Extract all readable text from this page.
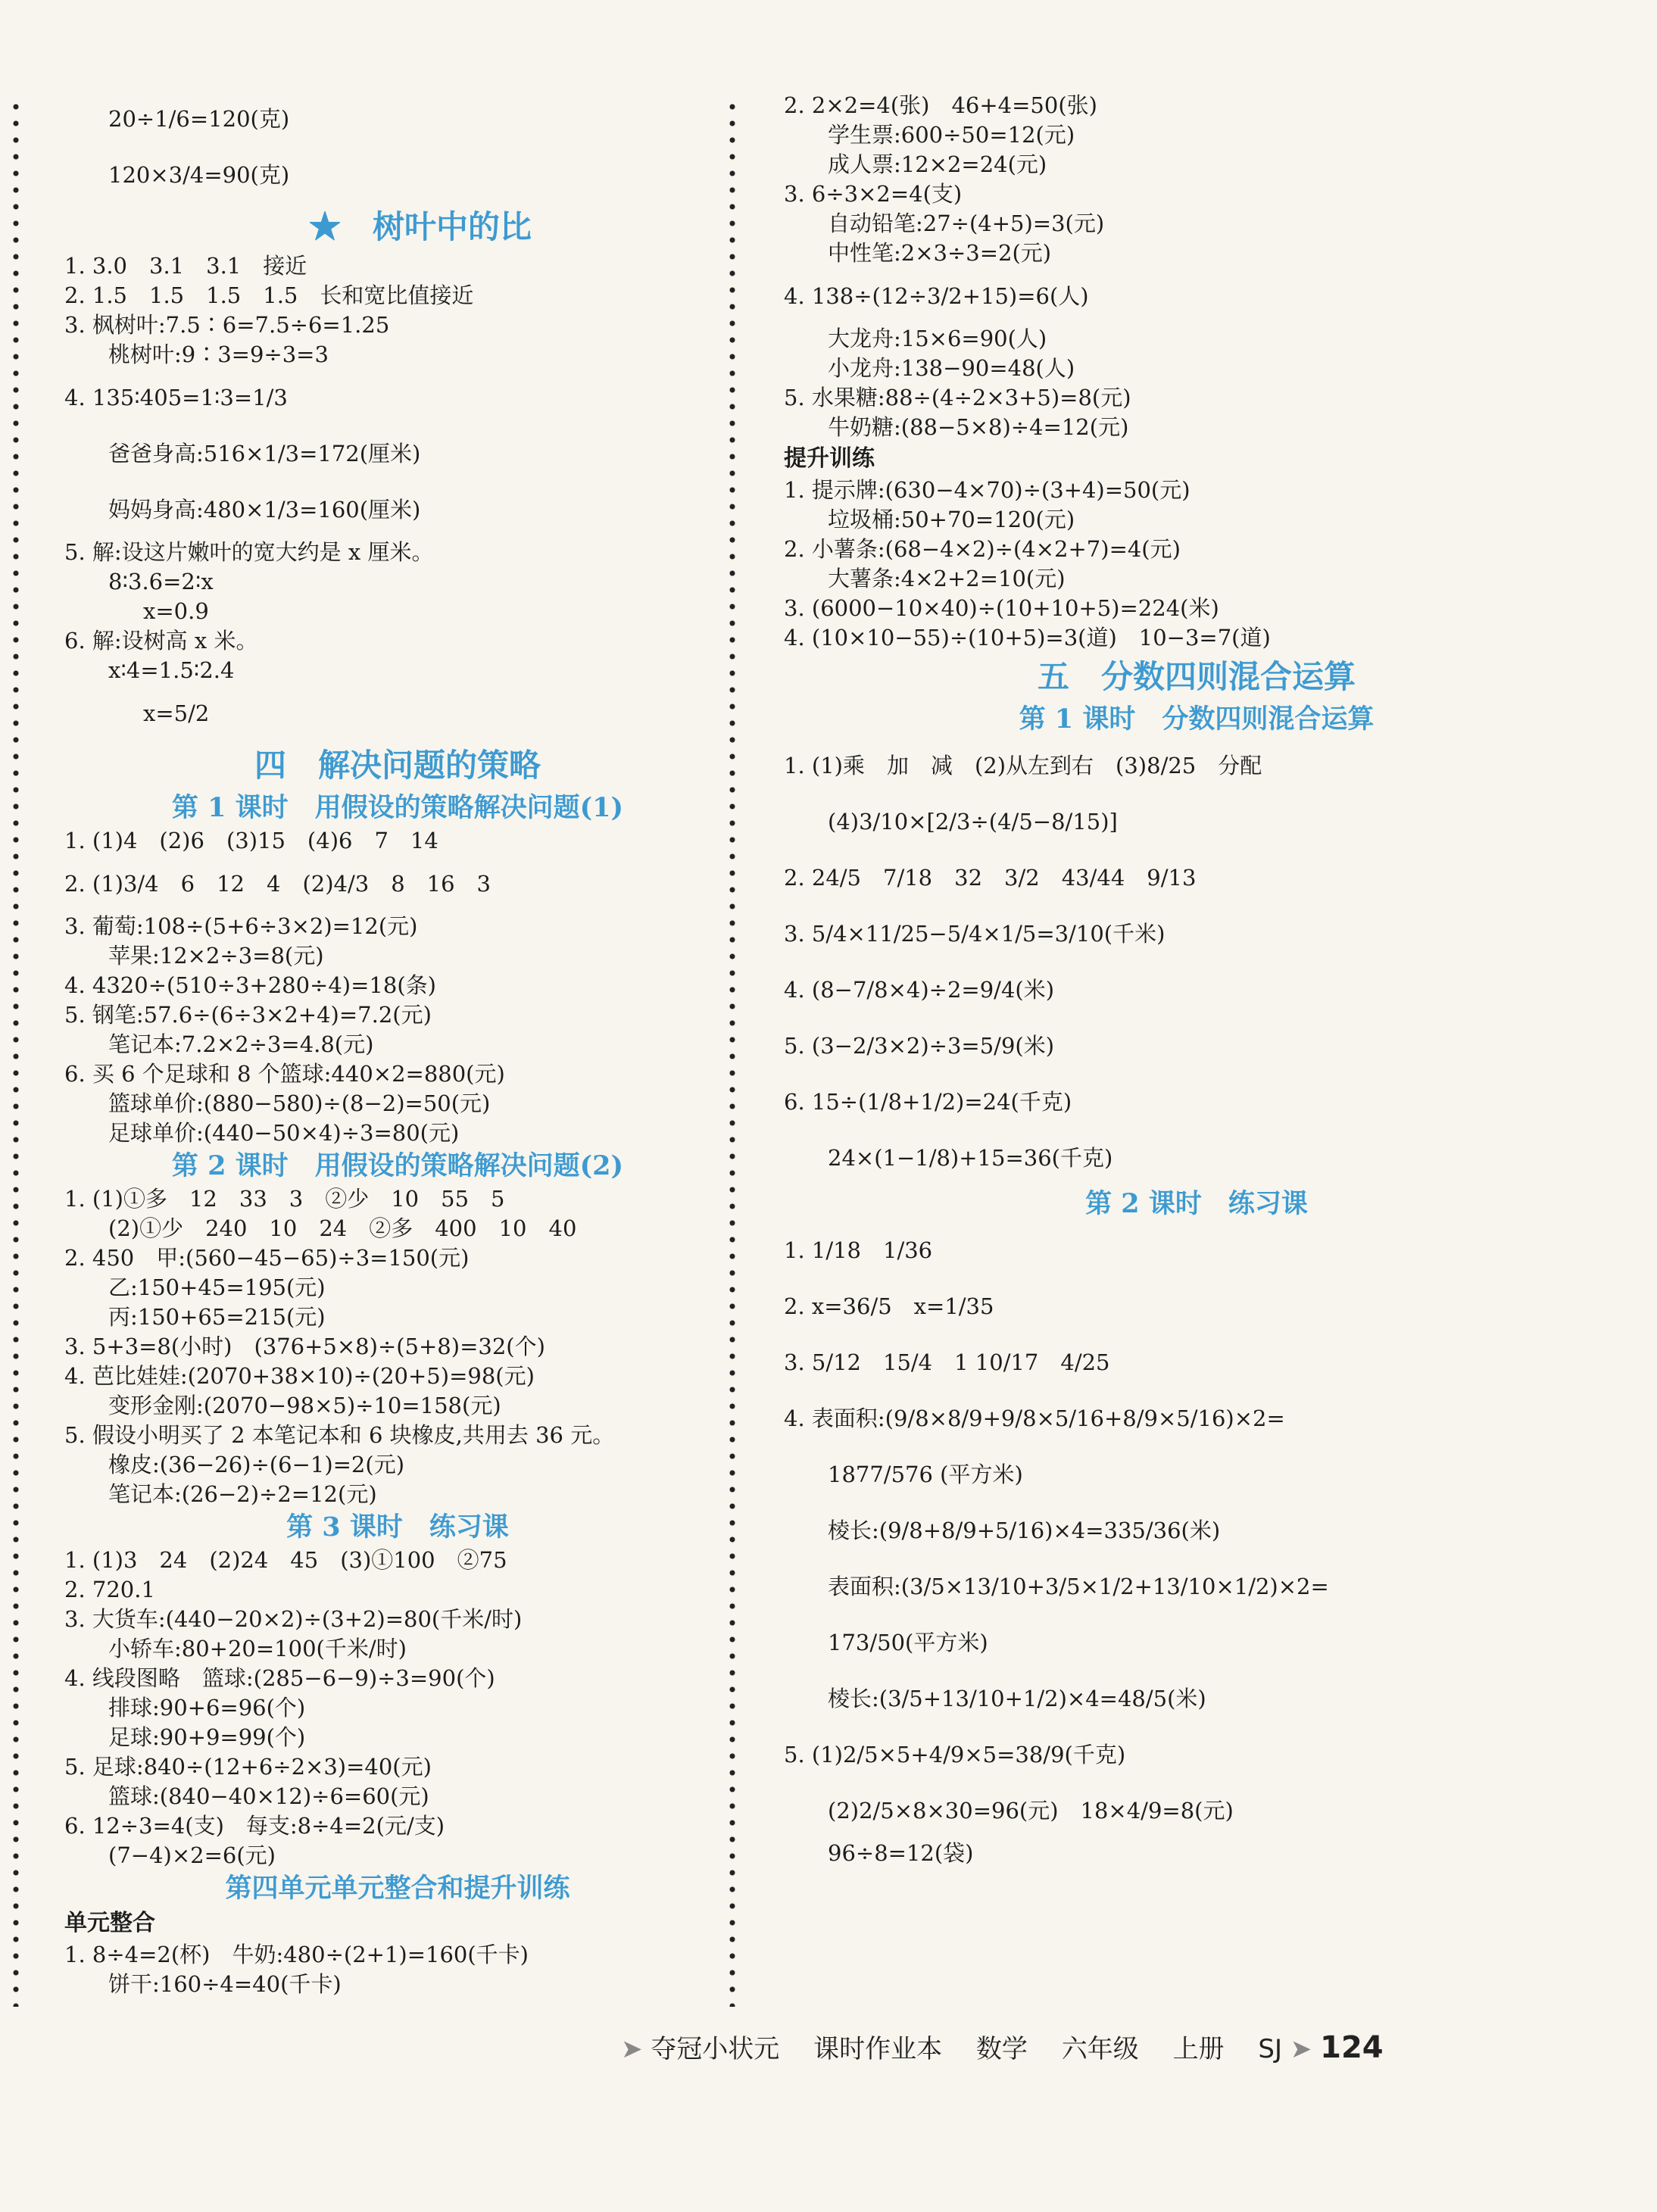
20÷1/6=120(克)
120×3/4=90(克)
★　树叶中的比
1. 3.0　3.1　3.1　接近
2. 1.5　1.5　1.5　1.5　长和宽比值接近
3. 枫树叶:7.5∶6=7.5÷6=1.25
桃树叶:9∶3=9÷3=3
4. 135∶405=1∶3=1/3
爸爸身高:516×1/3=172(厘米)
妈妈身高:480×1/3=160(厘米)
5. 解:设这片嫩叶的宽大约是 x 厘米。
8∶3.6=2∶x
x=0.9
6. 解:设树高 x 米。
x∶4=1.5∶2.4
x=5/2
四　解决问题的策略
第 1 课时　用假设的策略解决问题(1)
1. (1)4　(2)6　(3)15　(4)6　7　14
2. (1)3/4　6　12　4　(2)4/3　8　16　3
3. 葡萄:108÷(5+6÷3×2)=12(元)
苹果:12×2÷3=8(元)
4. 4320÷(510÷3+280÷4)=18(条)
5. 钢笔:57.6÷(6÷3×2+4)=7.2(元)
笔记本:7.2×2÷3=4.8(元)
6. 买 6 个足球和 8 个篮球:440×2=880(元)
篮球单价:(880−580)÷(8−2)=50(元)
足球单价:(440−50×4)÷3=80(元)
第 2 课时　用假设的策略解决问题(2)
1. (1)①多　12　33　3　②少　10　55　5
(2)①少　240　10　24　②多　400　10　40
2. 450　甲:(560−45−65)÷3=150(元)
乙:150+45=195(元)
丙:150+65=215(元)
3. 5+3=8(小时)　(376+5×8)÷(5+8)=32(个)
4. 芭比娃娃:(2070+38×10)÷(20+5)=98(元)
变形金刚:(2070−98×5)÷10=158(元)
5. 假设小明买了 2 本笔记本和 6 块橡皮,共用去 36 元。
橡皮:(36−26)÷(6−1)=2(元)
笔记本:(26−2)÷2=12(元)
第 3 课时　练习课
1. (1)3　24　(2)24　45　(3)①100　②75
2. 720.1
3. 大货车:(440−20×2)÷(3+2)=80(千米/时)
小轿车:80+20=100(千米/时)
4. 线段图略　篮球:(285−6−9)÷3=90(个)
排球:90+6=96(个)
足球:90+9=99(个)
5. 足球:840÷(12+6÷2×3)=40(元)
篮球:(840−40×12)÷6=60(元)
6. 12÷3=4(支)　每支:8÷4=2(元/支)
(7−4)×2=6(元)
第四单元单元整合和提升训练
单元整合
1. 8÷4=2(杯)　牛奶:480÷(2+1)=160(千卡)
饼干:160÷4=40(千卡)
2. 2×2=4(张)　46+4=50(张)
学生票:600÷50=12(元)
成人票:12×2=24(元)
3. 6÷3×2=4(支)
自动铅笔:27÷(4+5)=3(元)
中性笔:2×3÷3=2(元)
4. 138÷(12÷3/2+15)=6(人)
大龙舟:15×6=90(人)
小龙舟:138−90=48(人)
5. 水果糖:88÷(4÷2×3+5)=8(元)
牛奶糖:(88−5×8)÷4=12(元)
提升训练
1. 提示牌:(630−4×70)÷(3+4)=50(元)
垃圾桶:50+70=120(元)
2. 小薯条:(68−4×2)÷(4×2+7)=4(元)
大薯条:4×2+2=10(元)
3. (6000−10×40)÷(10+10+5)=224(米)
4. (10×10−55)÷(10+5)=3(道)　10−3=7(道)
五　分数四则混合运算
第 1 课时　分数四则混合运算
1. (1)乘　加　减　(2)从左到右　(3)8/25　分配
(4)3/10×[2/3÷(4/5−8/15)]
2. 24/5　7/18　32　3/2　43/44　9/13
3. 5/4×11/25−5/4×1/5=3/10(千米)
4. (8−7/8×4)÷2=9/4(米)
5. (3−2/3×2)÷3=5/9(米)
6. 15÷(1/8+1/2)=24(千克)
24×(1−1/8)+15=36(千克)
第 2 课时　练习课
1. 1/18　1/36
2. x=36/5　x=1/35
3. 5/12　15/4　1 10/17　4/25
4. 表面积:(9/8×8/9+9/8×5/16+8/9×5/16)×2=
1877/576 (平方米)
棱长:(9/8+8/9+5/16)×4=335/36(米)
表面积:(3/5×13/10+3/5×1/2+13/10×1/2)×2=
173/50(平方米)
棱长:(3/5+13/10+1/2)×4=48/5(米)
5. (1)2/5×5+4/9×5=38/9(千克)
(2)2/5×8×30=96(元)　18×4/9=8(元)
96÷8=12(袋)
➤ 夺冠小状元　 课时作业本　 数学　 六年级　 上册　 SJ ➤ 124
